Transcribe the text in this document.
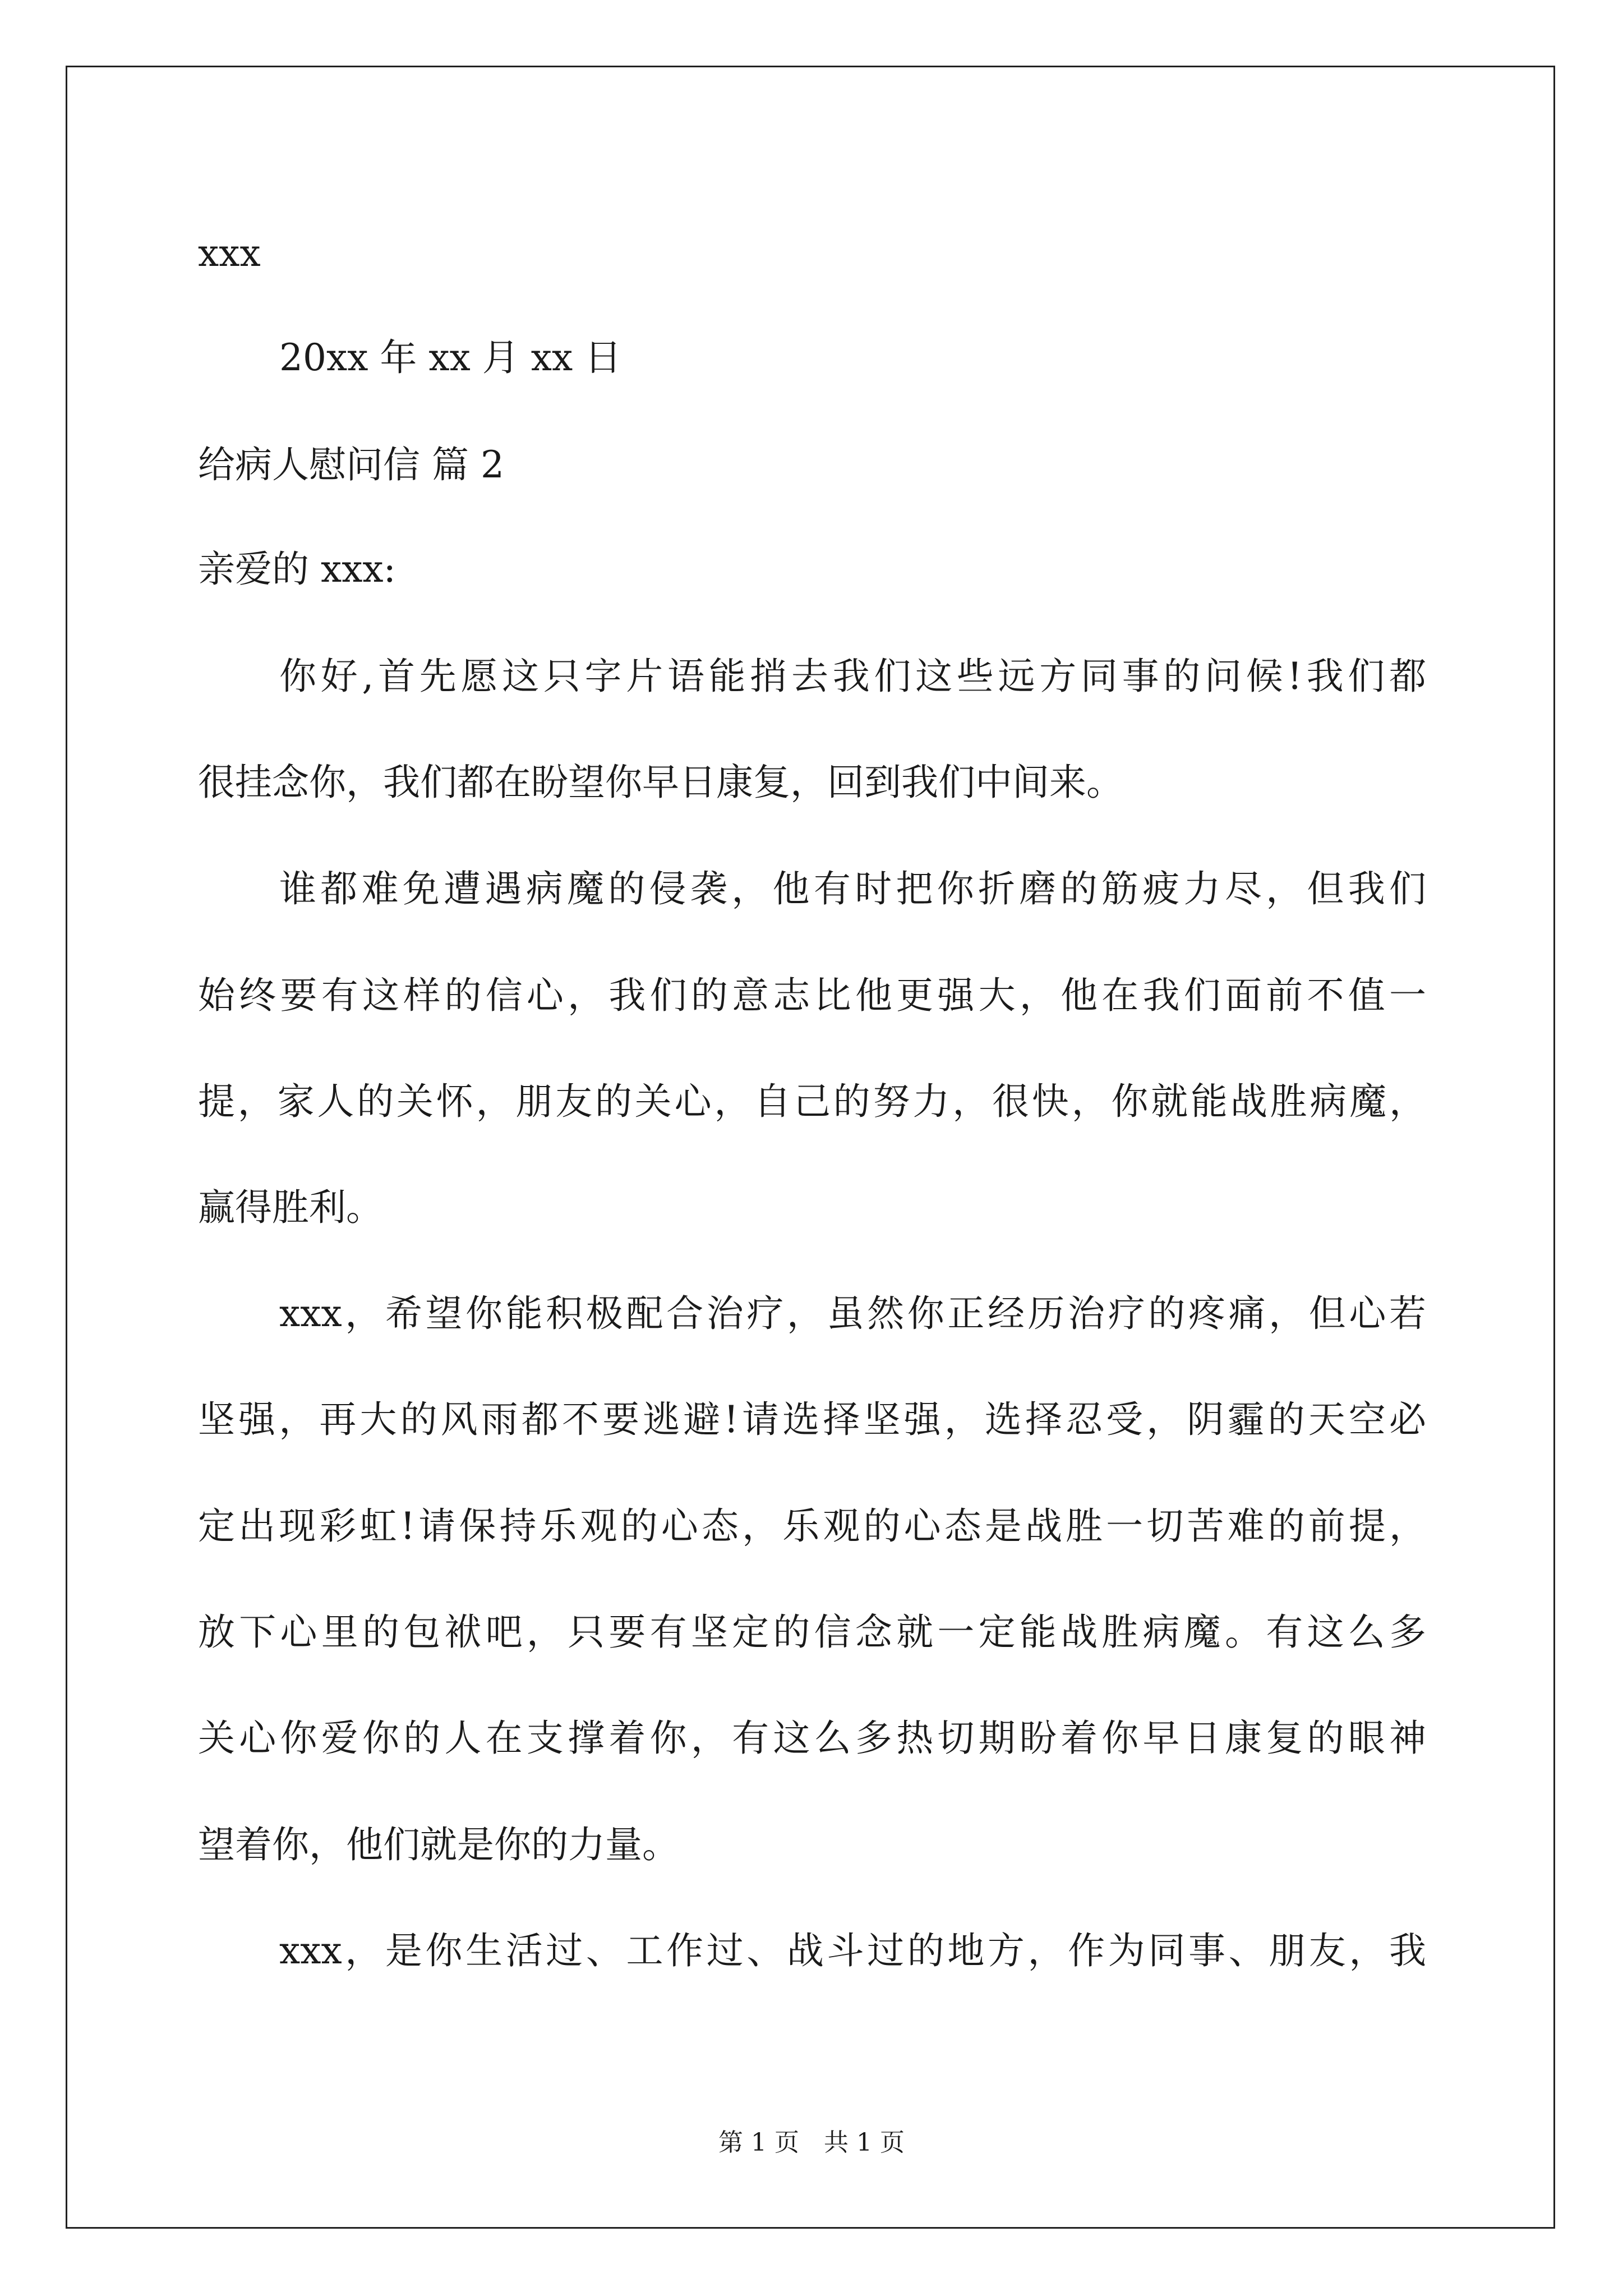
xxx
20xx 年 xx 月 xx 日
给病人慰问信 篇 2
亲爱的 xxx:
你好,首先愿这只字片语能捎去我们这些远方同事的问候!我们都
很挂念你，我们都在盼望你早日康复，回到我们中间来。
谁都难免遭遇病魔的侵袭，他有时把你折磨的筋疲力尽，但我们
始终要有这样的信心，我们的意志比他更强大，他在我们面前不值一
提，家人的关怀，朋友的关心，自己的努力，很快，你就能战胜病魔，
赢得胜利。
xxx，希望你能积极配合治疗，虽然你正经历治疗的疼痛，但心若
坚强，再大的风雨都不要逃避!请选择坚强，选择忍受，阴霾的天空必
定出现彩虹!请保持乐观的心态，乐观的心态是战胜一切苦难的前提，
放下心里的包袱吧，只要有坚定的信念就一定能战胜病魔。有这么多
关心你爱你的人在支撑着你，有这么多热切期盼着你早日康复的眼神
望着你，他们就是你的力量。
xxx，是你生活过、工作过、战斗过的地方，作为同事、朋友，我
第 1 页　共 1 页
